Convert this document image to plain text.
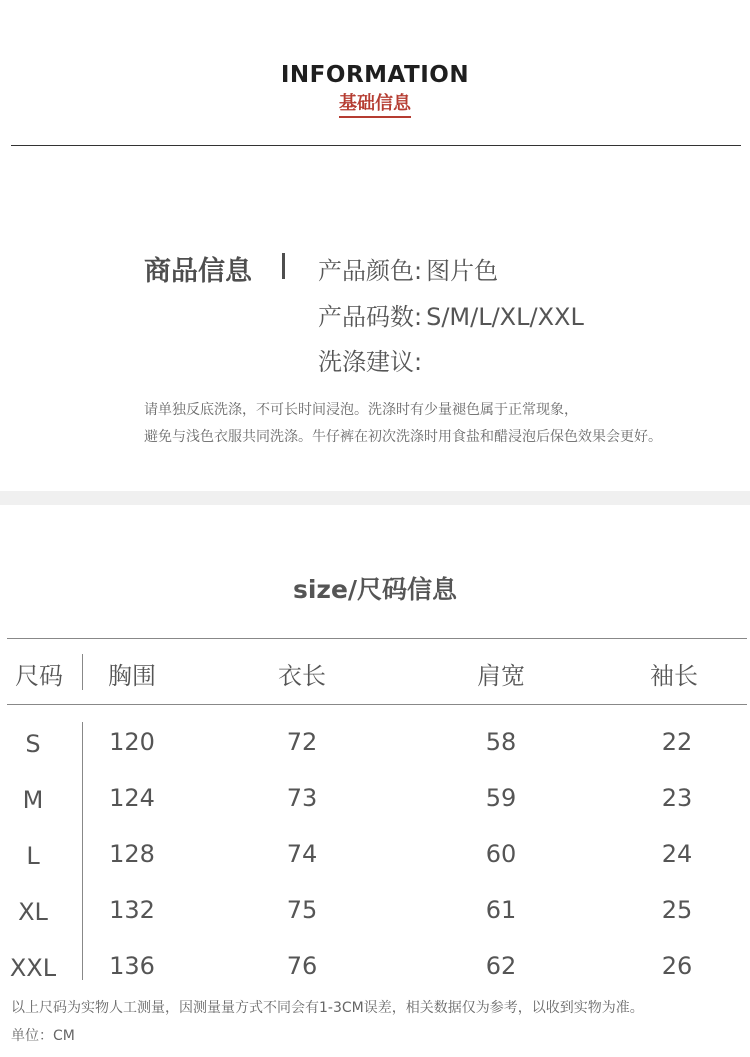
INFORMATION
基础信息
商品信息	产品颜色: 图片色
产品码数: S/M/L/XL/XXL
洗涤建议:
请单独反底洗涤，不可长时间浸泡。洗涤时有少量褪色属于正常现象，
避免与浅色衣服共同洗涤。牛仔裤在初次洗涤时用食盐和醋浸泡后保色效果会更好。
size/尺码信息
尺码	胸围	衣长	肩宽	袖长
S	120	72	58	22
M	124	73	59	23
L	128	74	60	24
XL	132	75	61	25
XXL	136	76	62	26
以上尺码为实物人工测量，因测量量方式不同会有1-3CM误差，相关数据仅为参考，以收到实物为准。
单位：CM
